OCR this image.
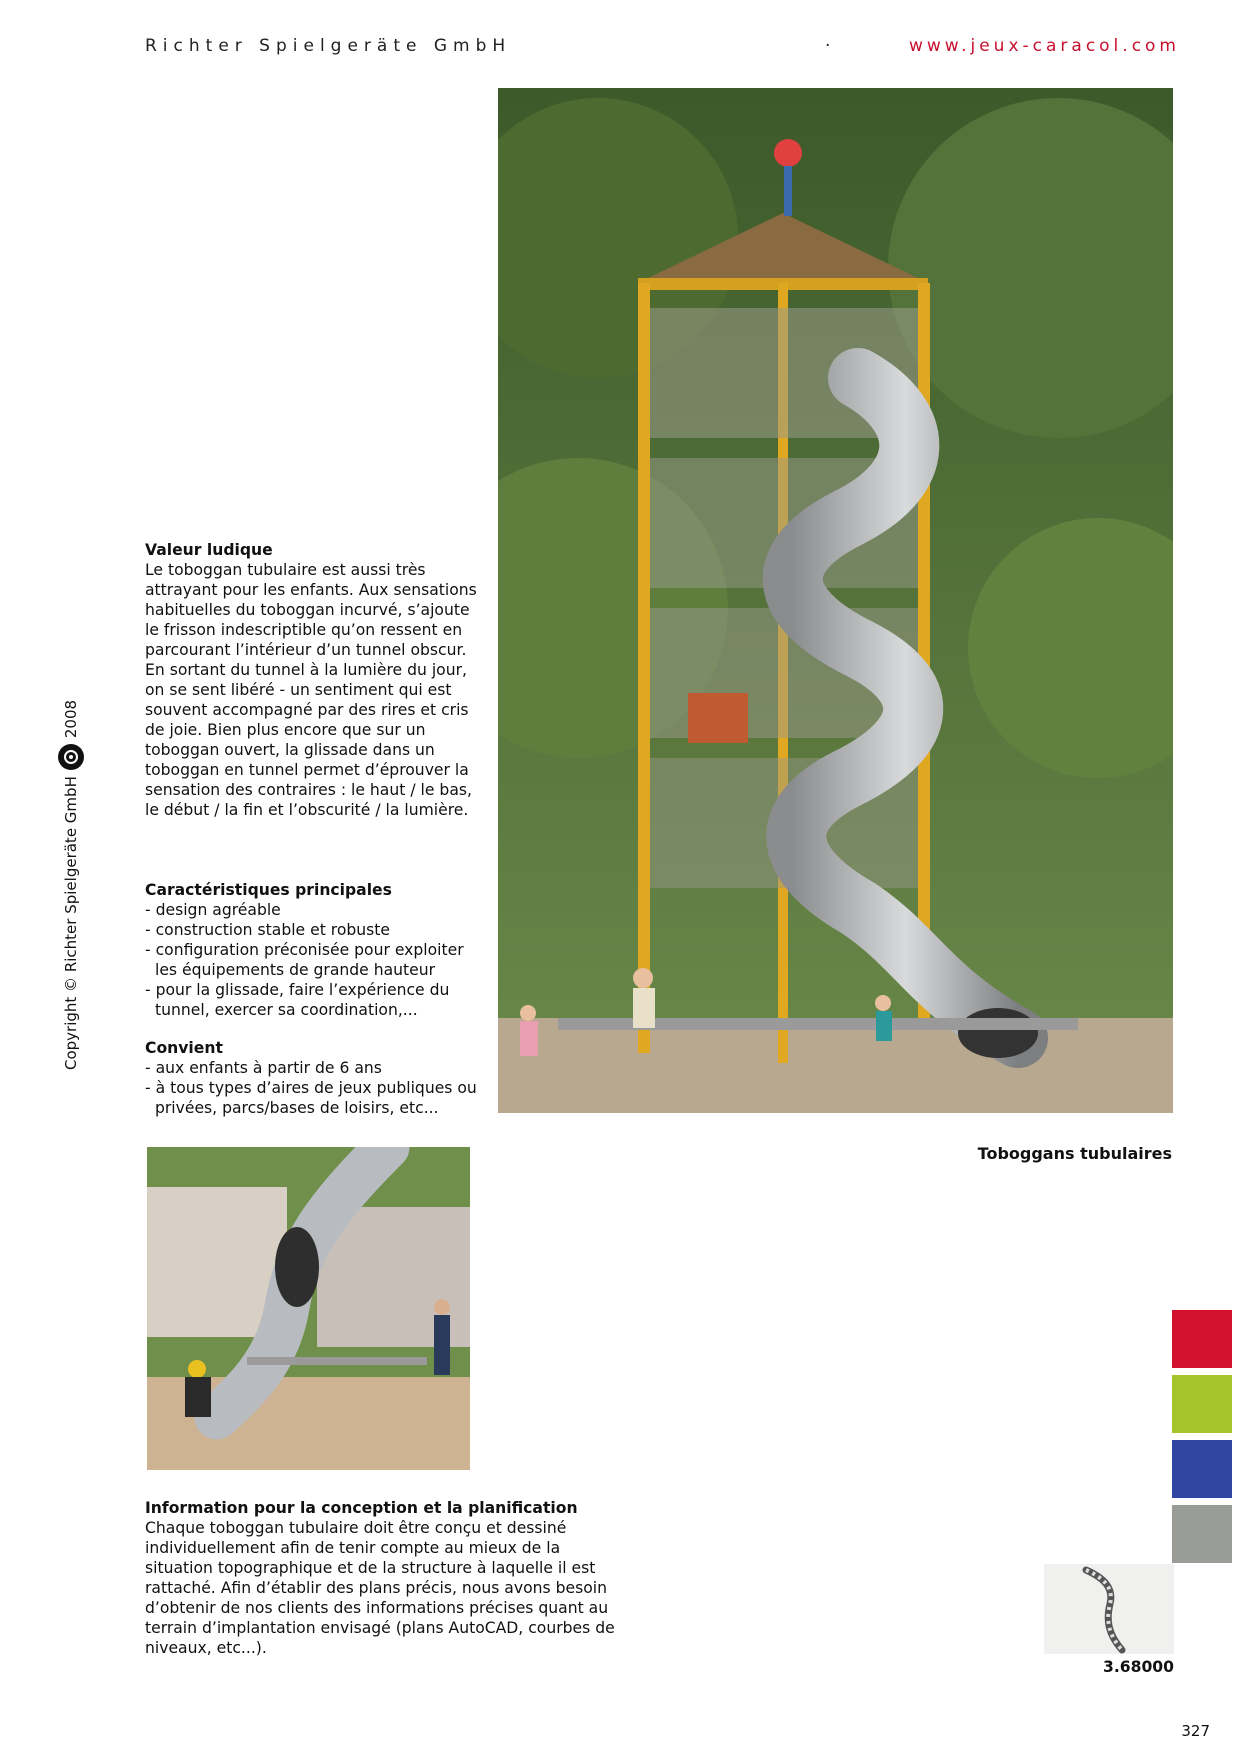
Richter Spielgeräte GmbH	·	www.jeux-caracol.com
Copyright © Richter Spielgeräte GmbH
2008
Toboggans tubulaires
Valeur ludique

Le toboggan tubulaire est aussi très attrayant pour les enfants. Aux sensations habituelles du toboggan incurvé, s’ajoute le frisson indescriptible qu’on ressent en parcourant l’intérieur d’un tunnel obscur.

En sortant du tunnel à la lumière du jour, on se sent libéré - un sentiment qui est souvent accompagné par des rires et cris de joie. Bien plus encore que sur un toboggan ouvert, la glissade dans un toboggan en tunnel permet d’éprouver la sensation des contraires : le haut / le bas, le début / la fin et l’obscurité / la lumière.

Caractéristiques principales
- design agréable
- construction stable et robuste
- configuration préconisée pour exploiter les équipements de grande hauteur
- pour la glissade, faire l’expérience du tunnel, exercer sa coordination,...
Convient
- aux enfants à partir de 6 ans
- à tous types d’aires de jeux publiques ou privées, parcs/bases de loisirs, etc...
Information pour la conception et la planification

Chaque toboggan tubulaire doit être conçu et dessiné individuellement afin de tenir compte au mieux de la situation topographique et de la structure à laquelle il est rattaché. Afin d’établir des plans précis, nous avons besoin d’obtenir de nos clients des informations précises quant au terrain d’implantation envisagé (plans AutoCAD, courbes de niveaux, etc...).

3.68000
327
